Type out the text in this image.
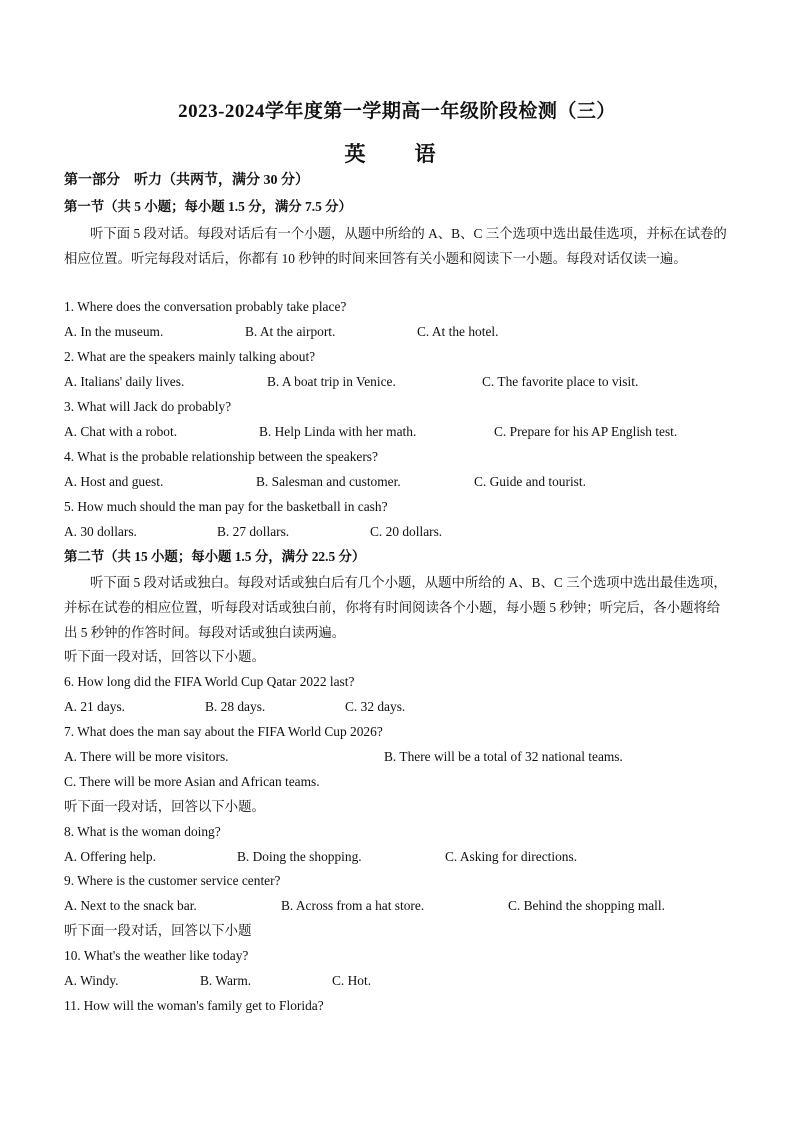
2023-2024学年度第一学期高一年级阶段检测（三）
英　语
第一部分　听力（共两节，满分 30 分）
第一节（共 5 小题；每小题 1.5 分，满分 7.5 分）
听下面 5 段对话。每段对话后有一个小题，从题中所给的 A、B、C 三个选项中选出最佳选项，并标在试卷的相应位置。听完每段对话后，你都有 10 秒钟的时间来回答有关小题和阅读下一小题。每段对话仅读一遍。
1. Where does the conversation probably take place?
A. In the museum.	B. At the airport.	C. At the hotel.
2. What are the speakers mainly talking about?
A. Italians' daily lives.	B. A boat trip in Venice.	C. The favorite place to visit.
3. What will Jack do probably?
A. Chat with a robot.	B. Help Linda with her math.	C. Prepare for his AP English test.
4. What is the probable relationship between the speakers?
A. Host and guest.	B. Salesman and customer.	C. Guide and tourist.
5. How much should the man pay for the basketball in cash?
A. 30 dollars.	B. 27 dollars.	C. 20 dollars.
第二节（共 15 小题；每小题 1.5 分，满分 22.5 分）
听下面 5 段对话或独白。每段对话或独白后有几个小题，从题中所给的 A、B、C 三个选项中选出最佳选项，并标在试卷的相应位置，听每段对话或独白前，你将有时间阅读各个小题，每小题 5 秒钟；听完后，各小题将给出 5 秒钟的作答时间。每段对话或独白读两遍。
听下面一段对话，回答以下小题。
6. How long did the FIFA World Cup Qatar 2022 last?
A. 21 days.	B. 28 days.	C. 32 days.
7. What does the man say about the FIFA World Cup 2026?
A. There will be more visitors.	B. There will be a total of 32 national teams.
C. There will be more Asian and African teams.
听下面一段对话，回答以下小题。
8. What is the woman doing?
A. Offering help.	B. Doing the shopping.	C. Asking for directions.
9. Where is the customer service center?
A. Next to the snack bar.	B. Across from a hat store.	C. Behind the shopping mall.
听下面一段对话，回答以下小题
10. What's the weather like today?
A. Windy.	B. Warm.	C. Hot.
11. How will the woman's family get to Florida?
